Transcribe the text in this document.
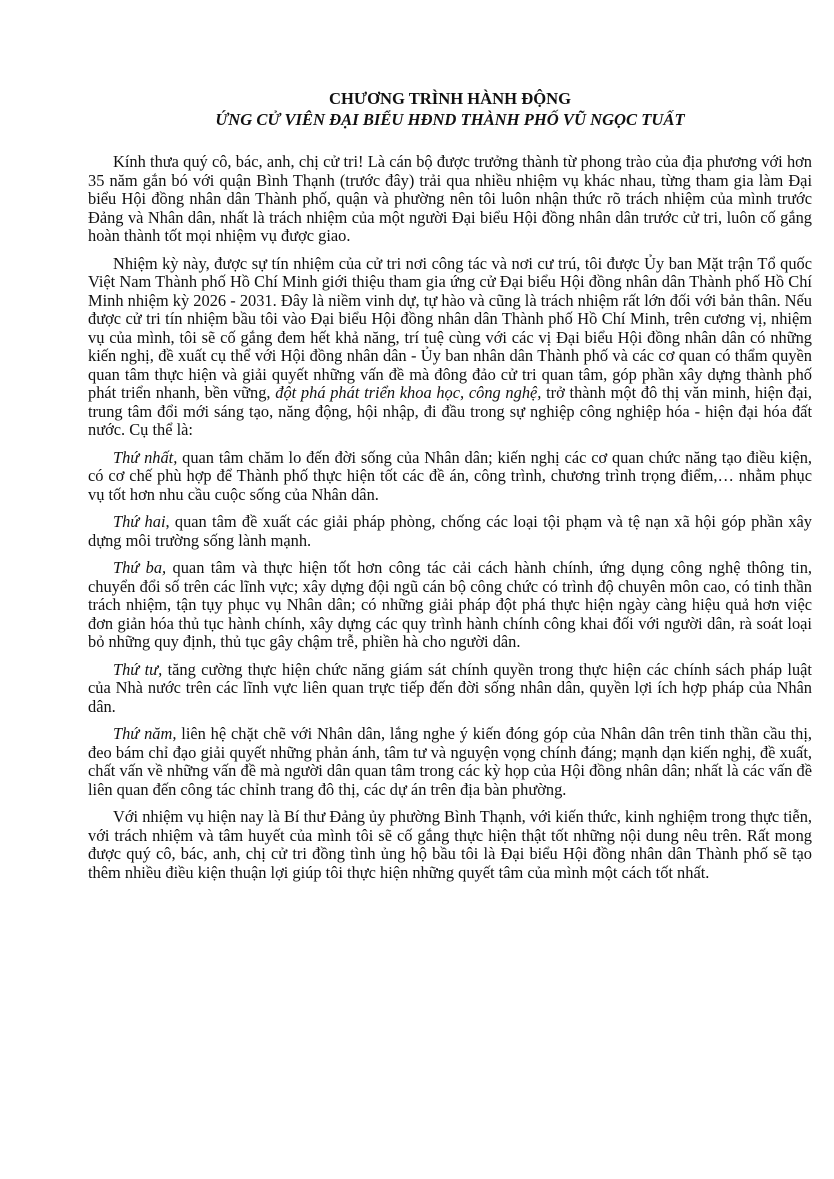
CHƯƠNG TRÌNH HÀNH ĐỘNG
ỨNG CỬ VIÊN ĐẠI BIỂU HĐND THÀNH PHỐ VŨ NGỌC TUẤT

Kính thưa quý cô, bác, anh, chị cử tri! Là cán bộ được trưởng thành từ phong trào của địa phương với hơn 35 năm gắn bó với quận Bình Thạnh (trước đây) trải qua nhiều nhiệm vụ khác nhau, từng tham gia làm Đại biểu Hội đồng nhân dân Thành phố, quận và phường nên tôi luôn nhận thức rõ trách nhiệm của mình trước Đảng và Nhân dân, nhất là trách nhiệm của một người Đại biểu Hội đồng nhân dân trước cử tri, luôn cố gắng hoàn thành tốt mọi nhiệm vụ được giao.

Nhiệm kỳ này, được sự tín nhiệm của cử tri nơi công tác và nơi cư trú, tôi được Ủy ban Mặt trận Tổ quốc Việt Nam Thành phố Hồ Chí Minh giới thiệu tham gia ứng cử Đại biểu Hội đồng nhân dân Thành phố Hồ Chí Minh nhiệm kỳ 2026 - 2031. Đây là niềm vinh dự, tự hào và cũng là trách nhiệm rất lớn đối với bản thân. Nếu được cử tri tín nhiệm bầu tôi vào Đại biểu Hội đồng nhân dân Thành phố Hồ Chí Minh, trên cương vị, nhiệm vụ của mình, tôi sẽ cố gắng đem hết khả năng, trí tuệ cùng với các vị Đại biểu Hội đồng nhân dân có những kiến nghị, đề xuất cụ thể với Hội đồng nhân dân - Ủy ban nhân dân Thành phố và các cơ quan có thẩm quyền quan tâm thực hiện và giải quyết những vấn đề mà đông đảo cử tri quan tâm, góp phần xây dựng thành phố phát triển nhanh, bền vững, đột phá phát triển khoa học, công nghệ, trở thành một đô thị văn minh, hiện đại, trung tâm đổi mới sáng tạo, năng động, hội nhập, đi đầu trong sự nghiệp công nghiệp hóa - hiện đại hóa đất nước. Cụ thể là:

Thứ nhất, quan tâm chăm lo đến đời sống của Nhân dân; kiến nghị các cơ quan chức năng tạo điều kiện, có cơ chế phù hợp để Thành phố thực hiện tốt các đề án, công trình, chương trình trọng điểm,… nhằm phục vụ tốt hơn nhu cầu cuộc sống của Nhân dân.

Thứ hai, quan tâm đề xuất các giải pháp phòng, chống các loại tội phạm và tệ nạn xã hội góp phần xây dựng môi trường sống lành mạnh.

Thứ ba, quan tâm và thực hiện tốt hơn công tác cải cách hành chính, ứng dụng công nghệ thông tin, chuyển đổi số trên các lĩnh vực; xây dựng đội ngũ cán bộ công chức có trình độ chuyên môn cao, có tinh thần trách nhiệm, tận tụy phục vụ Nhân dân; có những giải pháp đột phá thực hiện ngày càng hiệu quả hơn việc đơn giản hóa thủ tục hành chính, xây dựng các quy trình hành chính công khai đối với người dân, rà soát loại bỏ những quy định, thủ tục gây chậm trễ, phiền hà cho người dân.

Thứ tư, tăng cường thực hiện chức năng giám sát chính quyền trong thực hiện các chính sách pháp luật của Nhà nước trên các lĩnh vực liên quan trực tiếp đến đời sống nhân dân, quyền lợi ích hợp pháp của Nhân dân.

Thứ năm, liên hệ chặt chẽ với Nhân dân, lắng nghe ý kiến đóng góp của Nhân dân trên tinh thần cầu thị, đeo bám chỉ đạo giải quyết những phản ánh, tâm tư và nguyện vọng chính đáng; mạnh dạn kiến nghị, đề xuất, chất vấn về những vấn đề mà người dân quan tâm trong các kỳ họp của Hội đồng nhân dân; nhất là các vấn đề liên quan đến công tác chỉnh trang đô thị, các dự án trên địa bàn phường.

Với nhiệm vụ hiện nay là Bí thư Đảng ủy phường Bình Thạnh, với kiến thức, kinh nghiệm trong thực tiễn, với trách nhiệm và tâm huyết của mình tôi sẽ cố gắng thực hiện thật tốt những nội dung nêu trên. Rất mong được quý cô, bác, anh, chị cử tri đồng tình ủng hộ bầu tôi là Đại biểu Hội đồng nhân dân Thành phố sẽ tạo thêm nhiều điều kiện thuận lợi giúp tôi thực hiện những quyết tâm của mình một cách tốt nhất.
